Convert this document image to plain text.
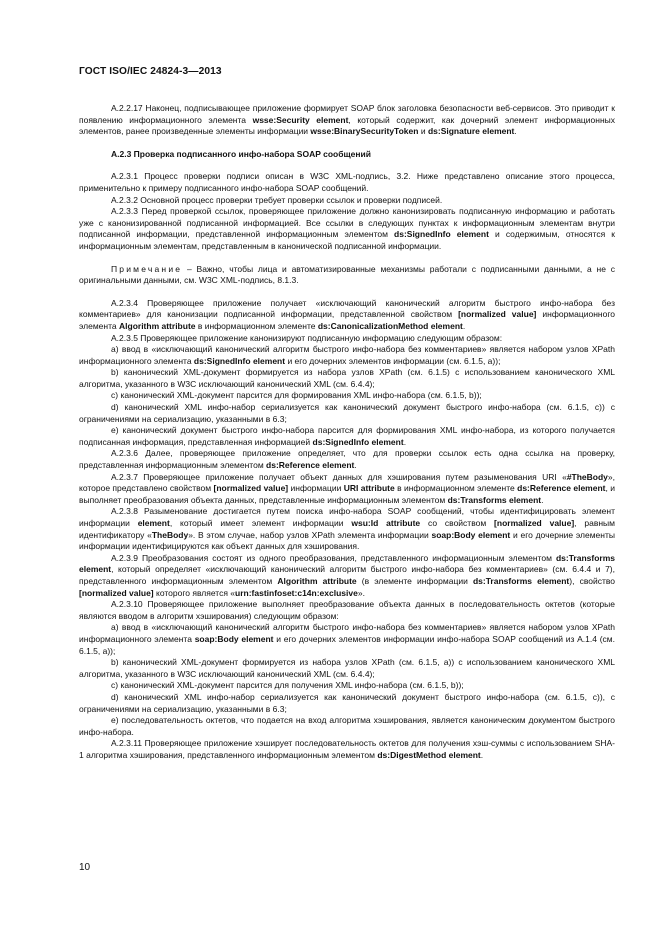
ГОСТ ISO/IEC 24824-3—2013

А.2.2.17 Наконец, подписывающее приложение формирует SOAP блок заголовка безопасности веб-сервисов. Это приводит к появлению информационного элемента wsse:Security element, который содержит, как дочерний элемент информационных элементов, ранее произведенные элементы информации wsse:BinarySecurityToken и ds:Signature element.

А.2.3 Проверка подписанного инфо-набора SOAP сообщений

А.2.3.1 Процесс проверки подписи описан в W3C XML-подпись, 3.2. Ниже представлено описание этого процесса, применительно к примеру подписанного инфо-набора SOAP сообщений.

А.2.3.2 Основной процесс проверки требует проверки ссылок и проверки подписей.

А.2.3.3 Перед проверкой ссылок, проверяющее приложение должно канонизировать подписанную информацию и работать уже с канонизированной подписанной информацией. Все ссылки в следующих пунктах к информационным элементам внутри подписанной информации, представленной информационным элементом ds:SignedInfo element и содержимым, относятся к информационным элементам, представленным в канонической подписанной информации.

Примечание – Важно, чтобы лица и автоматизированные механизмы работали с подписанными данными, а не с оригинальными данными, см. W3C XML-подпись, 8.1.3.

А.2.3.4 Проверяющее приложение получает «исключающий канонический алгоритм быстрого инфо-набора без комментариев» для канонизации подписанной информации, представленной свойством [normalized value] информационного элемента Algorithm attribute в информационном элементе ds:CanonicalizationMethod element.

А.2.3.5 Проверяющее приложение канонизируют подписанную информацию следующим образом:

а) ввод в «исключающий канонический алгоритм быстрого инфо-набора без комментариев» является набором узлов XPath информационного элемента ds:SignedInfo element и его дочерних элементов информации (см. 6.1.5, а));

b) канонический XML-документ формируется из набора узлов XPath (см. 6.1.5) с использованием канонического XML алгоритма, указанного в W3C исключающий канонический XML (см. 6.4.4);

с) канонический XML-документ парсится для формирования XML инфо-набора (см. 6.1.5, b));

d) канонический XML инфо-набор сериализуется как канонический документ быстрого инфо-набора (см. 6.1.5, с)) с ограничениями на сериализацию, указанными в 6.3;

е) канонический документ быстрого инфо-набора парсится для формирования XML инфо-набора, из которого получается подписанная информация, представленная информацией ds:SignedInfo element.

А.2.3.6 Далее, проверяющее приложение определяет, что для проверки ссылок есть одна ссылка на проверку, представленная информационным элементом ds:Reference element.

А.2.3.7 Проверяющее приложение получает объект данных для хэширования путем разыменования URI «#TheBody», которое представлено свойством [normalized value] информации URI attribute в информационном элементе ds:Reference element, и выполняет преобразования объекта данных, представленные информационным элементом ds:Transforms element.

А.2.3.8 Разыменование достигается путем поиска инфо-набора SOAP сообщений, чтобы идентифицировать элемент информации element, который имеет элемент информации wsu:Id attribute со свойством [normalized value], равным идентификатору «TheBody». В этом случае, набор узлов XPath элемента информации soap:Body element и его дочерние элементы информации идентифицируются как объект данных для хэширования.

А.2.3.9 Преобразования состоят из одного преобразования, представленного информационным элементом ds:Transforms element, который определяет «исключающий канонический алгоритм быстрого инфо-набора без комментариев» (см. 6.4.4 и 7), представленного информационным элементом Algorithm attribute (в элементе информации ds:Transforms element), свойство [normalized value] которого является «urn:fastinfoset:c14n:exclusive».

А.2.3.10 Проверяющее приложение выполняет преобразование объекта данных в последовательность октетов (которые являются вводом в алгоритм хэширования) следующим образом:

а) ввод в «исключающий канонический алгоритм быстрого инфо-набора без комментариев» является набором узлов XPath информационного элемента soap:Body element и его дочерних элементов информации инфо-набора SOAP сообщений из А.1.4 (см. 6.1.5, а));

b) канонический XML-документ формируется из набора узлов XPath (см. 6.1.5, а)) с использованием канонического XML алгоритма, указанного в W3C исключающий канонический XML (см. 6.4.4);

с) канонический XML-документ парсится для получения XML инфо-набора (см. 6.1.5, b));

d) канонический XML инфо-набор сериализуется как канонический документ быстрого инфо-набора (см. 6.1.5, с)), с ограничениями на сериализацию, указанными в 6.3;

е) последовательность октетов, что подается на вход алгоритма хэширования, является каноническим документом быстрого инфо-набора.

А.2.3.11 Проверяющее приложение хэширует последовательность октетов для получения хэш-суммы с использованием SHA-1 алгоритма хэширования, представленного информационным элементом ds:DigestMethod element.

10
